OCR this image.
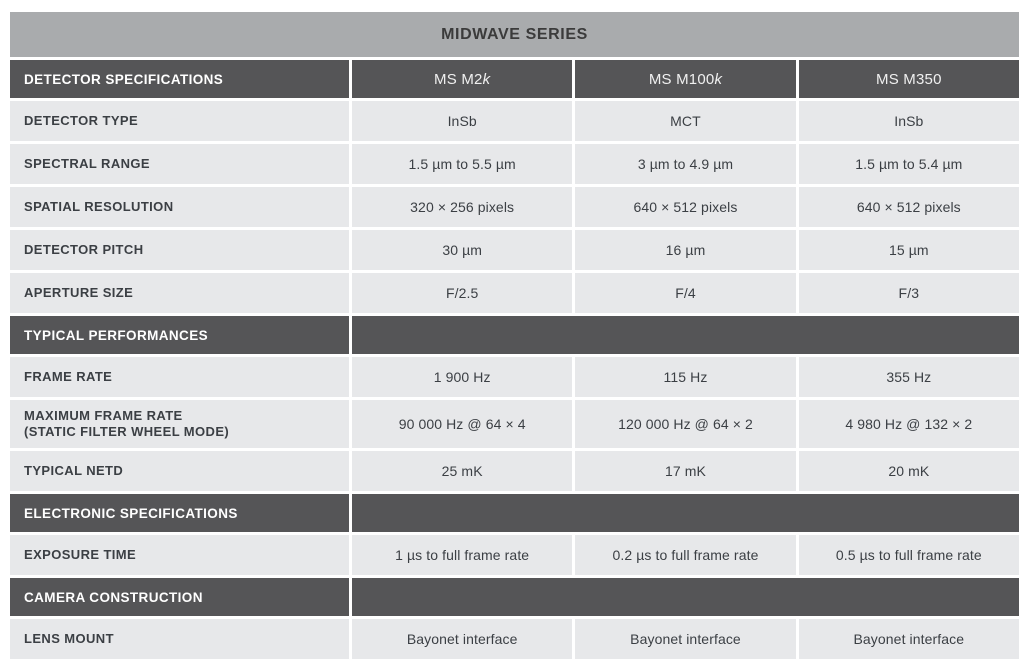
MIDWAVE SERIES
DETECTOR SPECIFICATIONS	MS M2 k	MS M100 k	MS M350
DETECTOR TYPE	InSb	MCT	InSb
SPECTRAL RANGE	1.5 µm to 5.5 µm	3 µm to 4.9 µm	1.5 µm to 5.4 µm
SPATIAL RESOLUTION	320 × 256 pixels	640 × 512 pixels	640 × 512 pixels
DETECTOR PITCH	30 µm	16 µm	15 µm
APERTURE SIZE	F/2.5	F/4	F/3
TYPICAL PERFORMANCES
FRAME RATE	1 900 Hz	115 Hz	355 Hz
MAXIMUM FRAME RATE
(STATIC FILTER WHEEL MODE)	90 000 Hz @ 64 × 4	120 000 Hz @ 64 × 2	4 980 Hz @ 132 × 2
TYPICAL NETD	25 mK	17 mK	20 mK
ELECTRONIC SPECIFICATIONS
EXPOSURE TIME	1 µs to full frame rate	0.2 µs to full frame rate	0.5 µs to full frame rate
CAMERA CONSTRUCTION
LENS MOUNT	Bayonet interface	Bayonet interface	Bayonet interface
